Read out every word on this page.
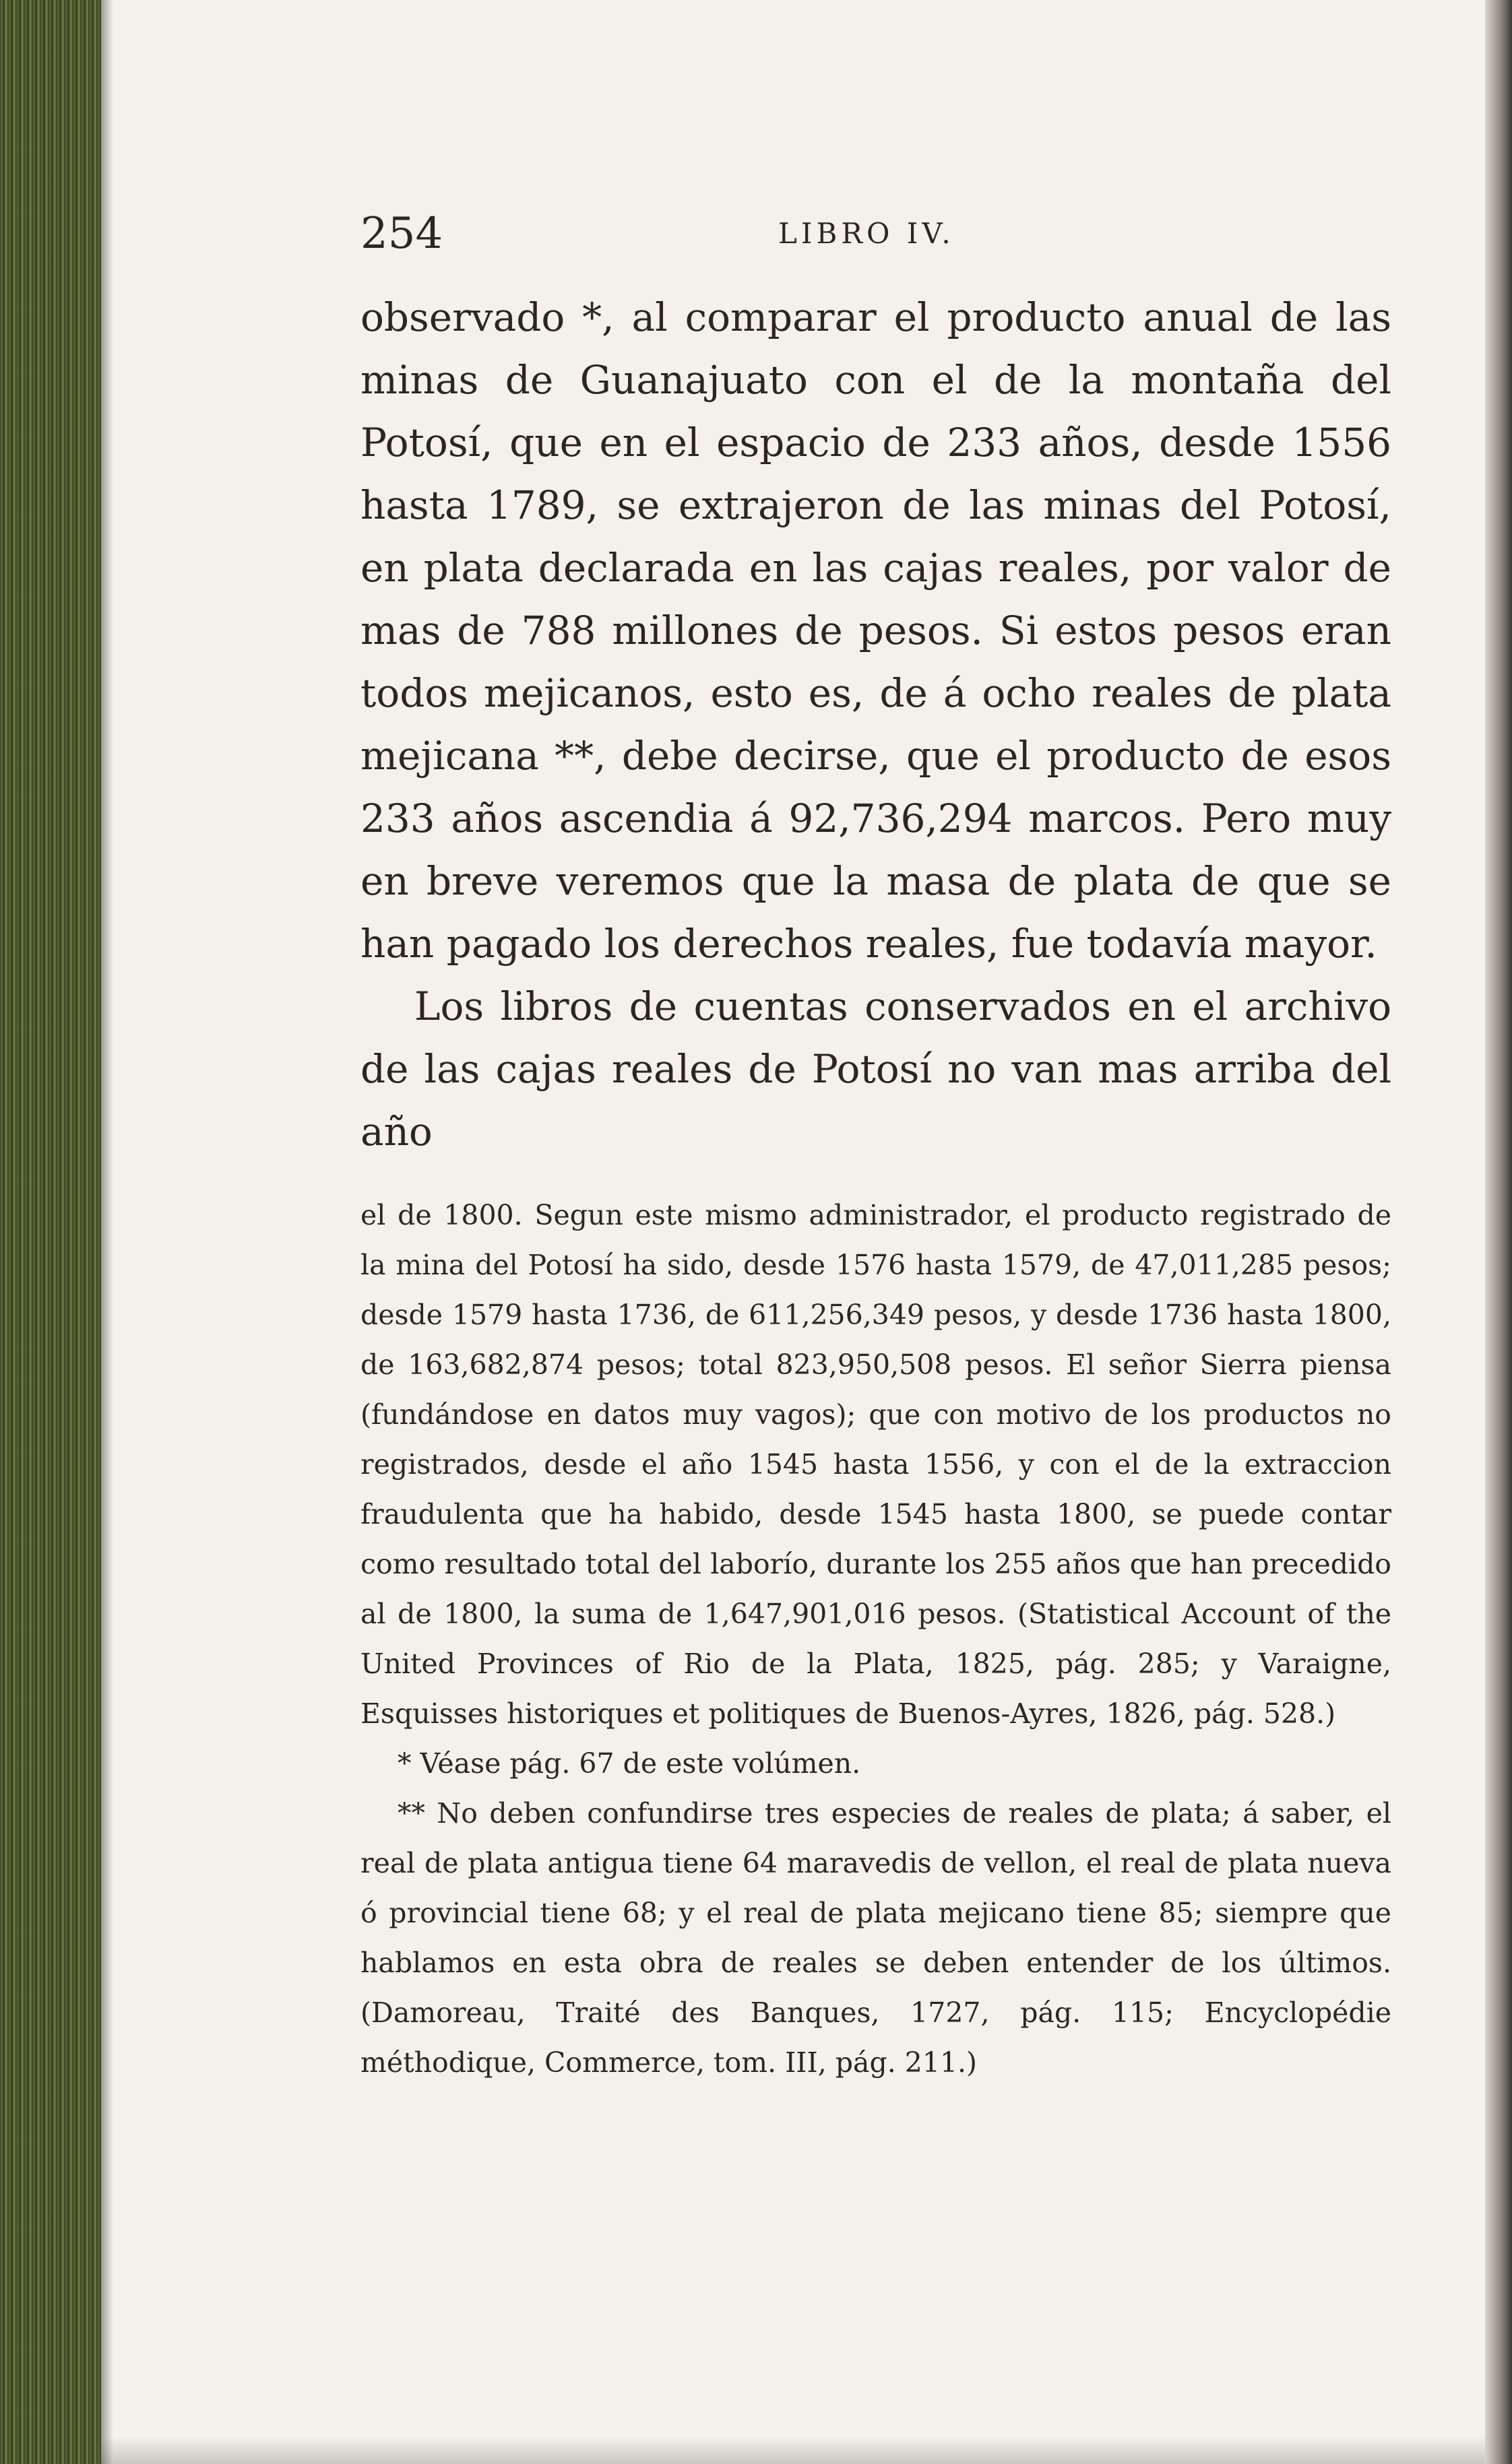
254	LIBRO IV.

observado *, al comparar el producto anual de las minas de Guanajuato con el de la montaña del Potosí, que en el espacio de 233 años, desde 1556 hasta 1789, se extrajeron de las minas del Potosí, en plata declarada en las cajas reales, por valor de mas de 788 millones de pesos. Si estos pesos eran todos mejicanos, esto es, de á ocho reales de plata mejicana **, debe decirse, que el producto de esos 233 años ascendia á 92,736,294 marcos. Pero muy en breve veremos que la masa de plata de que se han pagado los derechos reales, fue todavía mayor.

Los libros de cuentas conservados en el archivo de las cajas reales de Potosí no van mas arriba del año

el de 1800. Segun este mismo administrador, el producto registrado de la mina del Potosí ha sido, desde 1576 hasta 1579, de 47,011,285 pesos; desde 1579 hasta 1736, de 611,256,349 pesos, y desde 1736 hasta 1800, de 163,682,874 pesos; total 823,950,508 pesos. El señor Sierra piensa (fundándose en datos muy vagos); que con motivo de los productos no registrados, desde el año 1545 hasta 1556, y con el de la extraccion fraudulenta que ha habido, desde 1545 hasta 1800, se puede contar como resultado total del laborío, durante los 255 años que han precedido al de 1800, la suma de 1,647,901,016 pesos. (Statistical Account of the United Provinces of Rio de la Plata, 1825, pág. 285; y Varaigne, Esquisses historiques et politiques de Buenos-Ayres, 1826, pág. 528.)

* Véase pág. 67 de este volúmen.

** No deben confundirse tres especies de reales de plata; á saber, el real de plata antigua tiene 64 maravedis de vellon, el real de plata nueva ó provincial tiene 68; y el real de plata mejicano tiene 85; siempre que hablamos en esta obra de reales se deben entender de los últimos. (Damoreau, Traité des Banques, 1727, pág. 115; Encyclopédie méthodique, Commerce, tom. III, pág. 211.)
